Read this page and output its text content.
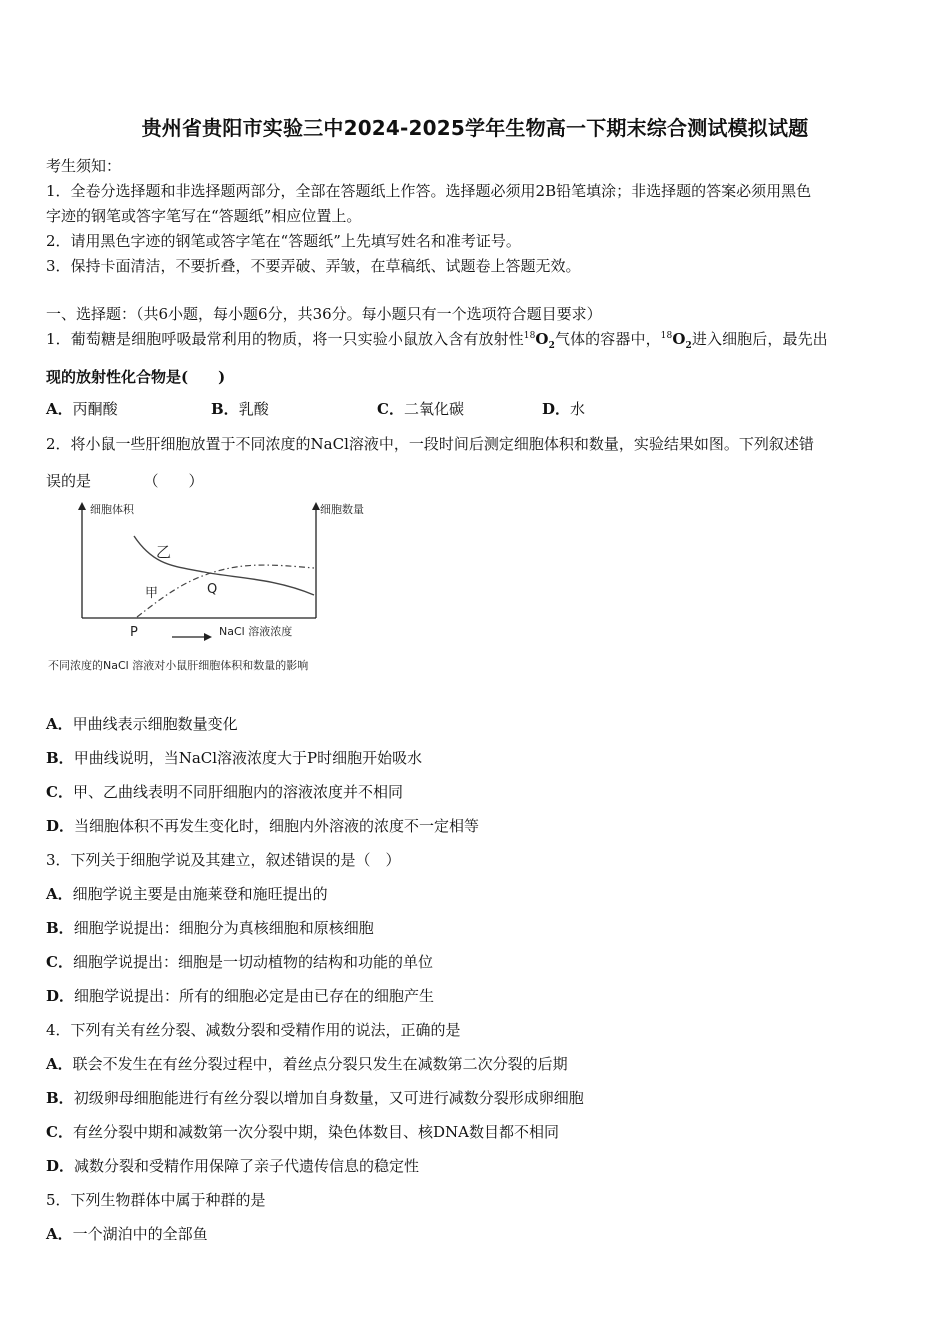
贵州省贵阳市实验三中2024-2025学年生物高一下期末综合测试模拟试题
考生须知：
1．全卷分选择题和非选择题两部分，全部在答题纸上作答。选择题必须用2B铅笔填涂；非选择题的答案必须用黑色
字迹的钢笔或答字笔写在“答题纸”相应位置上。
2．请用黑色字迹的钢笔或答字笔在“答题纸”上先填写姓名和准考证号。
3．保持卡面清洁，不要折叠，不要弄破、弄皱，在草稿纸、试题卷上答题无效。
一、选择题：（共6小题，每小题6分，共36分。每小题只有一个选项符合题目要求）
1．葡萄糖是细胞呼吸最常利用的物质，将一只实验小鼠放入含有放射性$^{18}O_2$气体的容器中，$^{18}O_2$进入细胞后，最先出
现的放射性化合物是(　　)
A．丙酮酸	B．乳酸	C．二氧化碳	D．水
2．将小鼠一些肝细胞放置于不同浓度的NaCl溶液中，一段时间后测定细胞体积和数量，实验结果如图。下列叙述错
误的是　　　　（　　）
细胞体积	细胞数量
乙
甲	Q
P	NaCl 溶液浓度
不同浓度的NaCl 溶液对小鼠肝细胞体积和数量的影响
A．甲曲线表示细胞数量变化
B．甲曲线说明，当NaCl溶液浓度大于P时细胞开始吸水
C．甲、乙曲线表明不同肝细胞内的溶液浓度并不相同
D．当细胞体积不再发生变化时，细胞内外溶液的浓度不一定相等
3．下列关于细胞学说及其建立，叙述错误的是（　）
A．细胞学说主要是由施莱登和施旺提出的
B．细胞学说提出：细胞分为真核细胞和原核细胞
C．细胞学说提出：细胞是一切动植物的结构和功能的单位
D．细胞学说提出：所有的细胞必定是由已存在的细胞产生
4．下列有关有丝分裂、减数分裂和受精作用的说法，正确的是
A．联会不发生在有丝分裂过程中，着丝点分裂只发生在减数第二次分裂的后期
B．初级卵母细胞能进行有丝分裂以增加自身数量，又可进行减数分裂形成卵细胞
C．有丝分裂中期和减数第一次分裂中期，染色体数目、核DNA数目都不相同
D．减数分裂和受精作用保障了亲子代遗传信息的稳定性
5．下列生物群体中属于种群的是
A．一个湖泊中的全部鱼
